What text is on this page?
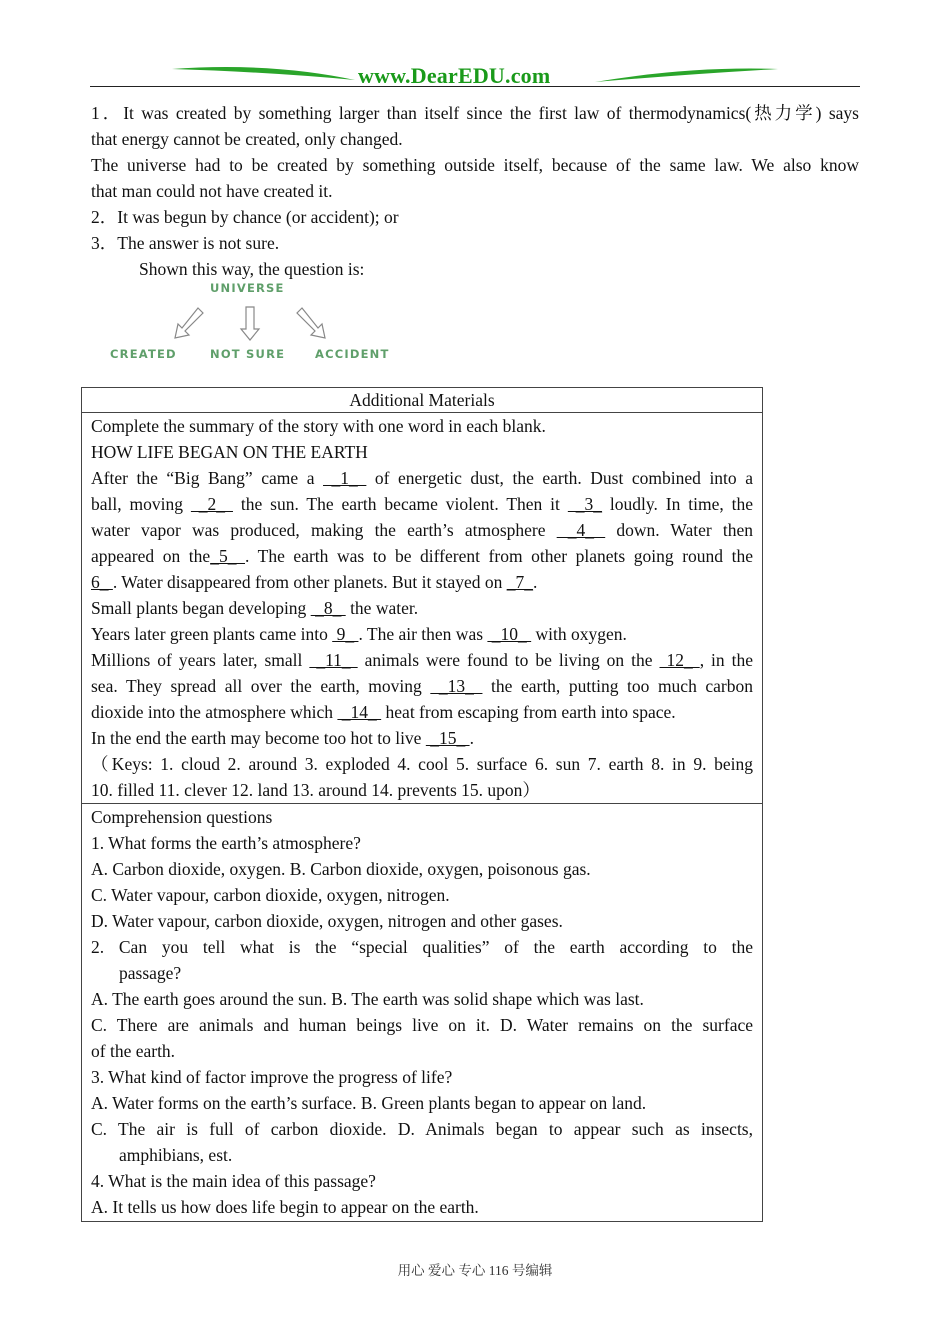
www.DearEDU.com
1．It was created by something larger than itself since the first law of thermodynamics(热力学) says
that energy cannot be created, only changed.
The universe had to be created by something outside itself, because of the same law. We also know
that man could not have created it.
2．It was begun by chance (or accident); or
3．The answer is not sure.
Shown this way, the question is:
UNIVERSE
CREATED	NOT SURE	ACCIDENT
Additional Materials

Complete the summary of the story with one word in each blank.
HOW LIFE BEGAN ON THE EARTH
After the “Big Bang” came a  _1_  of energetic dust, the earth. Dust combined into a
ball, moving  _2_  the sun. The earth became violent. Then it  _3_ loudly. In time, the
water vapor was produced, making the earth’s atmosphere  _4_  down. Water then
appeared on the_5_ . The earth was to be different from other planets going round the
6_ . Water disappeared from other planets. But it stayed on _7_.
Small plants began developing  _8_  the water.
Years later green plants came into  9_ . The air then was  _10_  with oxygen.
Millions of years later, small  _11_  animals were found to be living on the  12_ , in the
sea. They spread all over the earth, moving  _13_  the earth, putting too much carbon
dioxide into the atmosphere which  _14_  heat from escaping from earth into space.
In the end the earth may become too hot to live  _15_ .
（Keys: 1. cloud 2. around 3. exploded 4. cool 5. surface 6. sun 7. earth 8. in 9. being
10. filled 11. clever 12. land 13. around 14. prevents 15. upon）

Comprehension questions
1. What forms the earth’s atmosphere?
A. Carbon dioxide, oxygen. B. Carbon dioxide, oxygen, poisonous gas.
C. Water vapour, carbon dioxide, oxygen, nitrogen.
D. Water vapour, carbon dioxide, oxygen, nitrogen and other gases.
2. Can you tell what is the “special qualities” of the earth according to the
passage?
A. The earth goes around the sun. B. The earth was solid shape which was last.
C. There are animals and human beings live on it. D. Water remains on the surface
of the earth.
3. What kind of factor improve the progress of life?
A. Water forms on the earth’s surface. B. Green plants began to appear on land.
C. The air is full of carbon dioxide. D. Animals began to appear such as insects,
amphibians, est.
4. What is the main idea of this passage?
A. It tells us how does life begin to appear on the earth.
用心 爱心 专心 116 号编辑
